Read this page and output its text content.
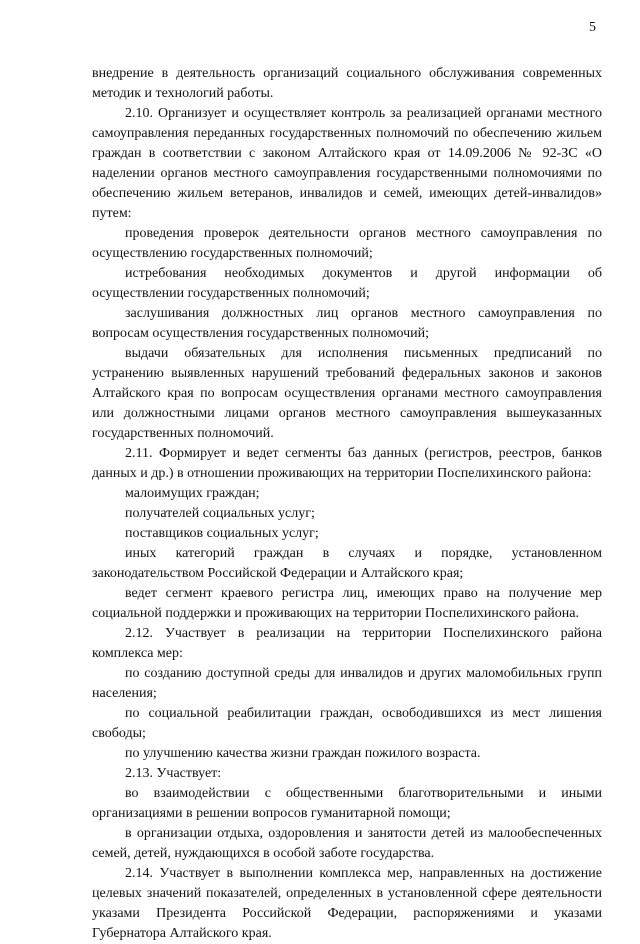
5

внедрение в деятельность организаций социального обслуживания современных методик и технологий работы.

2.10. Организует и осуществляет контроль за реализацией органами местного самоуправления переданных государственных полномочий по обеспечению жильем граждан в соответствии с законом Алтайского края от 14.09.2006 № 92-ЗС «О наделении органов местного самоуправления государственными полномочиями по обеспечению жильем ветеранов, инвалидов и семей, имеющих детей-инвалидов» путем:

проведения проверок деятельности органов местного самоуправления по осуществлению государственных полномочий;

истребования необходимых документов и другой информации об осуществлении государственных полномочий;

заслушивания должностных лиц органов местного самоуправления по вопросам осуществления государственных полномочий;

выдачи обязательных для исполнения письменных предписаний по устранению выявленных нарушений требований федеральных законов и законов Алтайского края по вопросам осуществления органами местного самоуправления или должностными лицами органов местного самоуправления вышеуказанных государственных полномочий.

2.11. Формирует и ведет сегменты баз данных (регистров, реестров, банков данных и др.) в отношении проживающих на территории Поспелихинского района:

малоимущих граждан;

получателей социальных услуг;

поставщиков социальных услуг;

иных категорий граждан в случаях и порядке, установленном законодательством Российской Федерации и Алтайского края;

ведет сегмент краевого регистра лиц, имеющих право на получение мер социальной поддержки и проживающих на территории Поспелихинского района.

2.12. Участвует в реализации на территории Поспелихинского района комплекса мер:

по созданию доступной среды для инвалидов и других маломобильных групп населения;

по социальной реабилитации граждан, освободившихся из мест лишения свободы;

по улучшению качества жизни граждан пожилого возраста.

2.13. Участвует:

во взаимодействии с общественными благотворительными и иными организациями в решении вопросов гуманитарной помощи;

в организации отдыха, оздоровления и занятости детей из малообеспеченных семей, детей, нуждающихся в особой заботе государства.

2.14. Участвует в выполнении комплекса мер, направленных на достижение целевых значений показателей, определенных в установленной сфере деятельности указами Президента Российской Федерации, распоряжениями и указами Губернатора Алтайского края.
